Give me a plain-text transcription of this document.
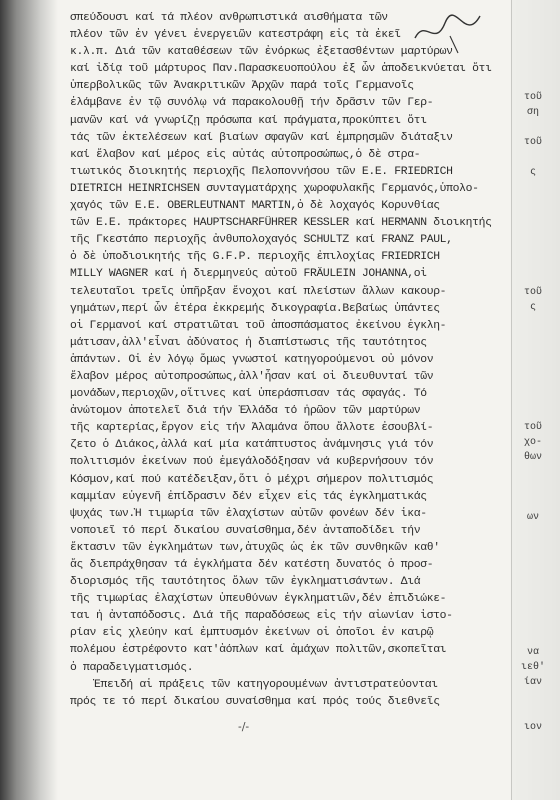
σπεύδουσι καί τά πλέον ανθρωπιστικά αισθήματα τῶν
πλέον τῶν ἐν γένει ἐνεργειῶν κατεστράφη εἰς τὰ ἐκεῖ
κ.λ.π. Διά τῶν καταθέσεων τῶν ἐνόρκως ἐξετασθέντων μαρτύρων
καί ἰδίᾳ τοῦ μάρτυρος Παν.Παρασκευοπούλου ἐξ ὧν ἀποδεικνύεται ὅτι
ὑπερβολικῶς τῶν Ἀνακριτικῶν Ἀρχῶν παρά τοῖς Γερμανοῖς
ἐλάμβανε ἐν τῷ συνόλῳ νά παρακολουθῇ τήν δρᾶσιν τῶν Γερ-
μανῶν καί νά γνωρίζῃ πρόσωπα καί πράγματα,προκύπτει ὅτι
τάς τῶν ἐκτελέσεων καί βιαίων σφαγῶν καί ἐμπρησμῶν διάταξιν
καί ἔλαβον καί μέρος εἰς αὐτάς αὐτοπροσώπως,ὁ δὲ στρα-
τιωτικός διοικητής περιοχῆς Πελοποννήσου τῶν Ε.Ε. FRIEDRICH
DIETRICH HEINRICHSEN συνταγματάρχης χωροφυλακῆς Γερμανός,ὑπολο-
χαγός τῶν Ε.Ε. OBERLEUTNANT MARTIN,ὁ δὲ λοχαγός Κορυνθίας
τῶν Ε.Ε. πράκτορες HAUPTSCHARFÜHRER KESSLER καί HERMANN διοικητής
τῆς Γκεστάπο περιοχῆς ἀνθυπολοχαγός SCHULTZ καί FRANZ PAUL,
ὁ δὲ ὑποδιοικητής τῆς G.F.P. περιοχῆς ἐπιλοχίας FRIEDRICH
MILLY WAGNER καί ἡ διερμηνεύς αὐτοῦ FRÄULEIN JOHANNA,οἱ
τελευταῖοι τρεῖς ὑπῆρξαν ἔνοχοι καί πλείστων ἄλλων κακουρ-
γημάτων,περί ὧν ἑτέρα ἐκκρεμής δικογραφία.Βεβαίως ὑπάντες
οἱ Γερμανοί καί στρατιῶται τοῦ ἀποσπάσματος ἐκείνου ἐγκλη-
μάτισαν,ἀλλ'εἶναι ἀδύνατος ἡ διαπίστωσις τῆς ταυτότητος
ἁπάντων. Οἱ ἐν λόγῳ ὅμως γνωστοί κατηγορούμενοι οὐ μόνον
ἔλαβον μέρος αὐτοπροσώπως,ἀλλ'ἦσαν καί οἱ διευθυνταί τῶν
μονάδων,περιοχῶν,οἵτινες καί ὑπεράσπισαν τάς σφαγάς. Τό
ἀνώτομον ἀποτελεῖ διά τήν Ἑλλάδα τό ἡρῶον τῶν μαρτύρων
τῆς καρτερίας,ἔργον εἰς τήν Ἀλαμάνα ὅπου ἄλλοτε ἐσουβλί-
ζετο ὁ Διάκος,ἀλλά καί μία κατάπτυστος ἀνάμνησις γιά τόν
πολιτισμόν ἐκείνων πού ἐμεγάλοδόξησαν νά κυβερνήσουν τόν
Κόσμον,καί πού κατέδειξαν,ὅτι ὁ μέχρι σήμερον πολιτισμός
καμμίαν εὐγενῆ ἐπίδρασιν δέν εἶχεν εἰς τάς ἐγκληματικάς
ψυχάς των.Ἡ τιμωρία τῶν ἐλαχίστων αὐτῶν φονέων δέν ἱκα-
νοποιεῖ τό περί δικαίου συναίσθημα,δέν ἀνταποδίδει τήν
ἔκτασιν τῶν ἐγκλημάτων των,ἀτυχῶς ὡς ἐκ τῶν συνθηκῶν καθ'
ἅς διεπράχθησαν τά ἐγκλήματα δέν κατέστη δυνατός ὁ προσ-
διορισμός τῆς ταυτότητος ὅλων τῶν ἐγκληματισάντων. Διά
τῆς τιμωρίας ἐλαχίστων ὑπευθύνων ἐγκληματιῶν,δέν ἐπιδιώκε-
ται ἡ ἀνταπόδοσις. Διά τῆς παραδόσεως εἰς τήν αἰωνίαν ἱστο-
ρίαν εἰς χλεύην καί ἐμπτυσμόν ἐκείνων οἱ ὁποῖοι ἐν καιρῷ
πολέμου ἐστρέφοντο κατ'ἀόπλων καί ἀμάχων πολιτῶν,σκοπεῖται
ὁ παραδειγματισμός.
Ἐπειδή αἱ πράξεις τῶν κατηγορουμένων ἀντιστρατεύονται
πρός τε τό περί δικαίου συναίσθημα καί πρός τούς διεθνεῖς
τοῦ
ση

τοῦ

ς

τοῦ
ς

τοῦ
χο-
θων

ων

να
ιεθ'
ίαν

ιον

-/-
